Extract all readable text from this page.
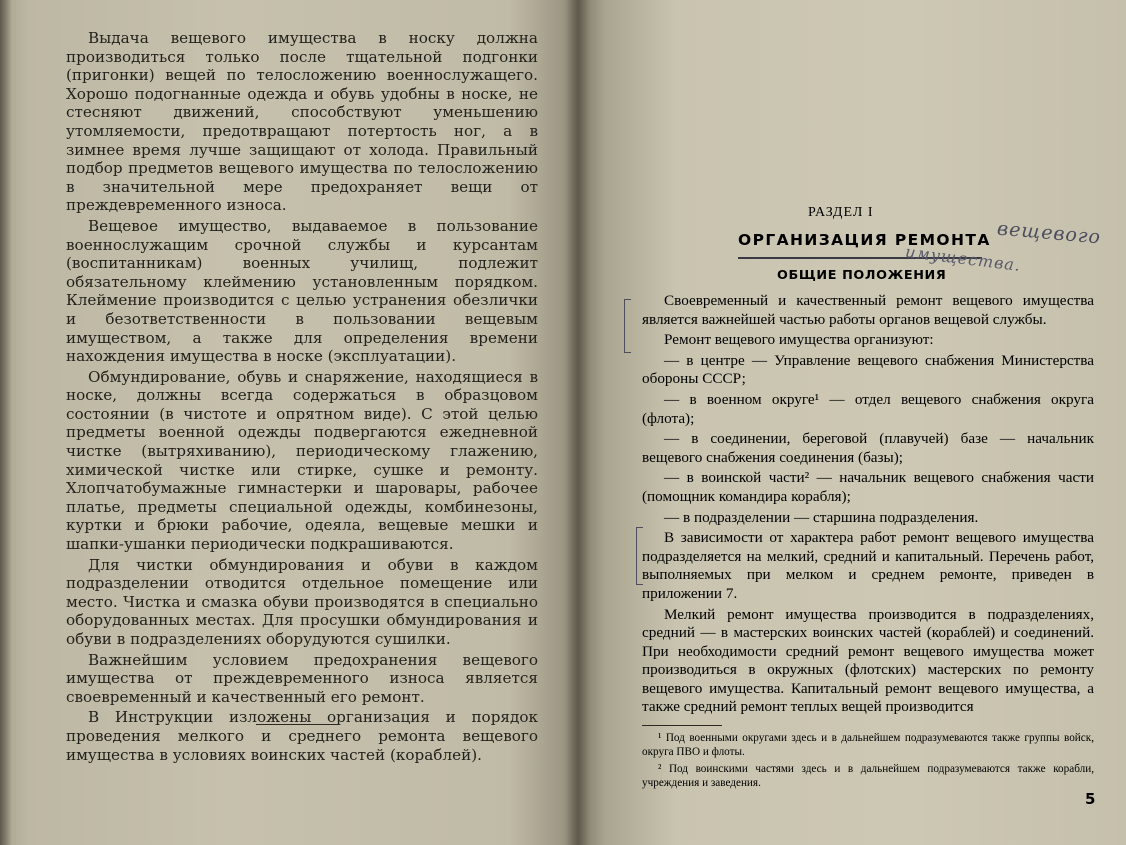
Выдача вещевого имущества в носку должна производиться только после тщательной подгонки (пригонки) вещей по телосложению военнослужащего. Хорошо подогнанные одежда и обувь удобны в носке, не стесняют движений, способствуют уменьшению утомляемости, предотвращают потертость ног, а в зимнее время лучше защищают от холода. Правильный подбор предметов вещевого имущества по телосложению в значительной мере предохраняет вещи от преждевременного износа.

Вещевое имущество, выдаваемое в пользование военнослужащим срочной службы и курсантам (воспитанникам) военных училищ, подлежит обязательному клеймению установленным порядком. Клеймение производится с целью устранения обезлички и безответственности в пользовании вещевым имуществом, а также для определения времени нахождения имущества в носке (эксплуатации).

Обмундирование, обувь и снаряжение, находящиеся в носке, должны всегда содержаться в образцовом состоянии (в чистоте и опрятном виде). С этой целью предметы военной одежды подвергаются ежедневной чистке (вытряхиванию), периодическому глажению, химической чистке или стирке, сушке и ремонту. Хлопчатобумажные гимнастерки и шаровары, рабочее платье, предметы специальной одежды, комбинезоны, куртки и брюки рабочие, одеяла, вещевые мешки и шапки-ушанки периодически подкрашиваются.

Для чистки обмундирования и обуви в каждом подразделении отводится отдельное помещение или место. Чистка и смазка обуви производятся в специально оборудованных местах. Для просушки обмундирования и обуви в подразделениях оборудуются сушилки.

Важнейшим условием предохранения вещевого имущества от преждевременного износа является своевременный и качественный его ремонт.

В Инструкции изложены организация и порядок проведения мелкого и среднего ремонта вещевого имущества в условиях воинских частей (кораблей).

РАЗДЕЛ I
ОРГАНИЗАЦИЯ РЕМОНТА вещевого
имущества.
ОБЩИЕ ПОЛОЖЕНИЯ

Своевременный и качественный ремонт вещевого имущества является важнейшей частью работы органов вещевой службы.

Ремонт вещевого имущества организуют:

— в центре — Управление вещевого снабжения Министерства обороны СССР;

— в военном округе¹ — отдел вещевого снабжения округа (флота);

— в соединении, береговой (плавучей) базе — начальник вещевого снабжения соединения (базы);

— в воинской части² — начальник вещевого снабжения части (помощник командира корабля);

— в подразделении — старшина подразделения.

В зависимости от характера работ ремонт вещевого имущества подразделяется на мелкий, средний и капитальный. Перечень работ, выполняемых при мелком и среднем ремонте, приведен в приложении 7.

Мелкий ремонт имущества производится в подразделениях, средний — в мастерских воинских частей (кораблей) и соединений. При необходимости средний ремонт вещевого имущества может производиться в окружных (флотских) мастерских по ремонту вещевого имущества. Капитальный ремонт вещевого имущества, а также средний ремонт теплых вещей производится

¹ Под военными округами здесь и в дальнейшем подразумеваются также группы войск, округа ПВО и флоты.

² Под воинскими частями здесь и в дальнейшем подразумеваются также корабли, учреждения и заведения.

5
